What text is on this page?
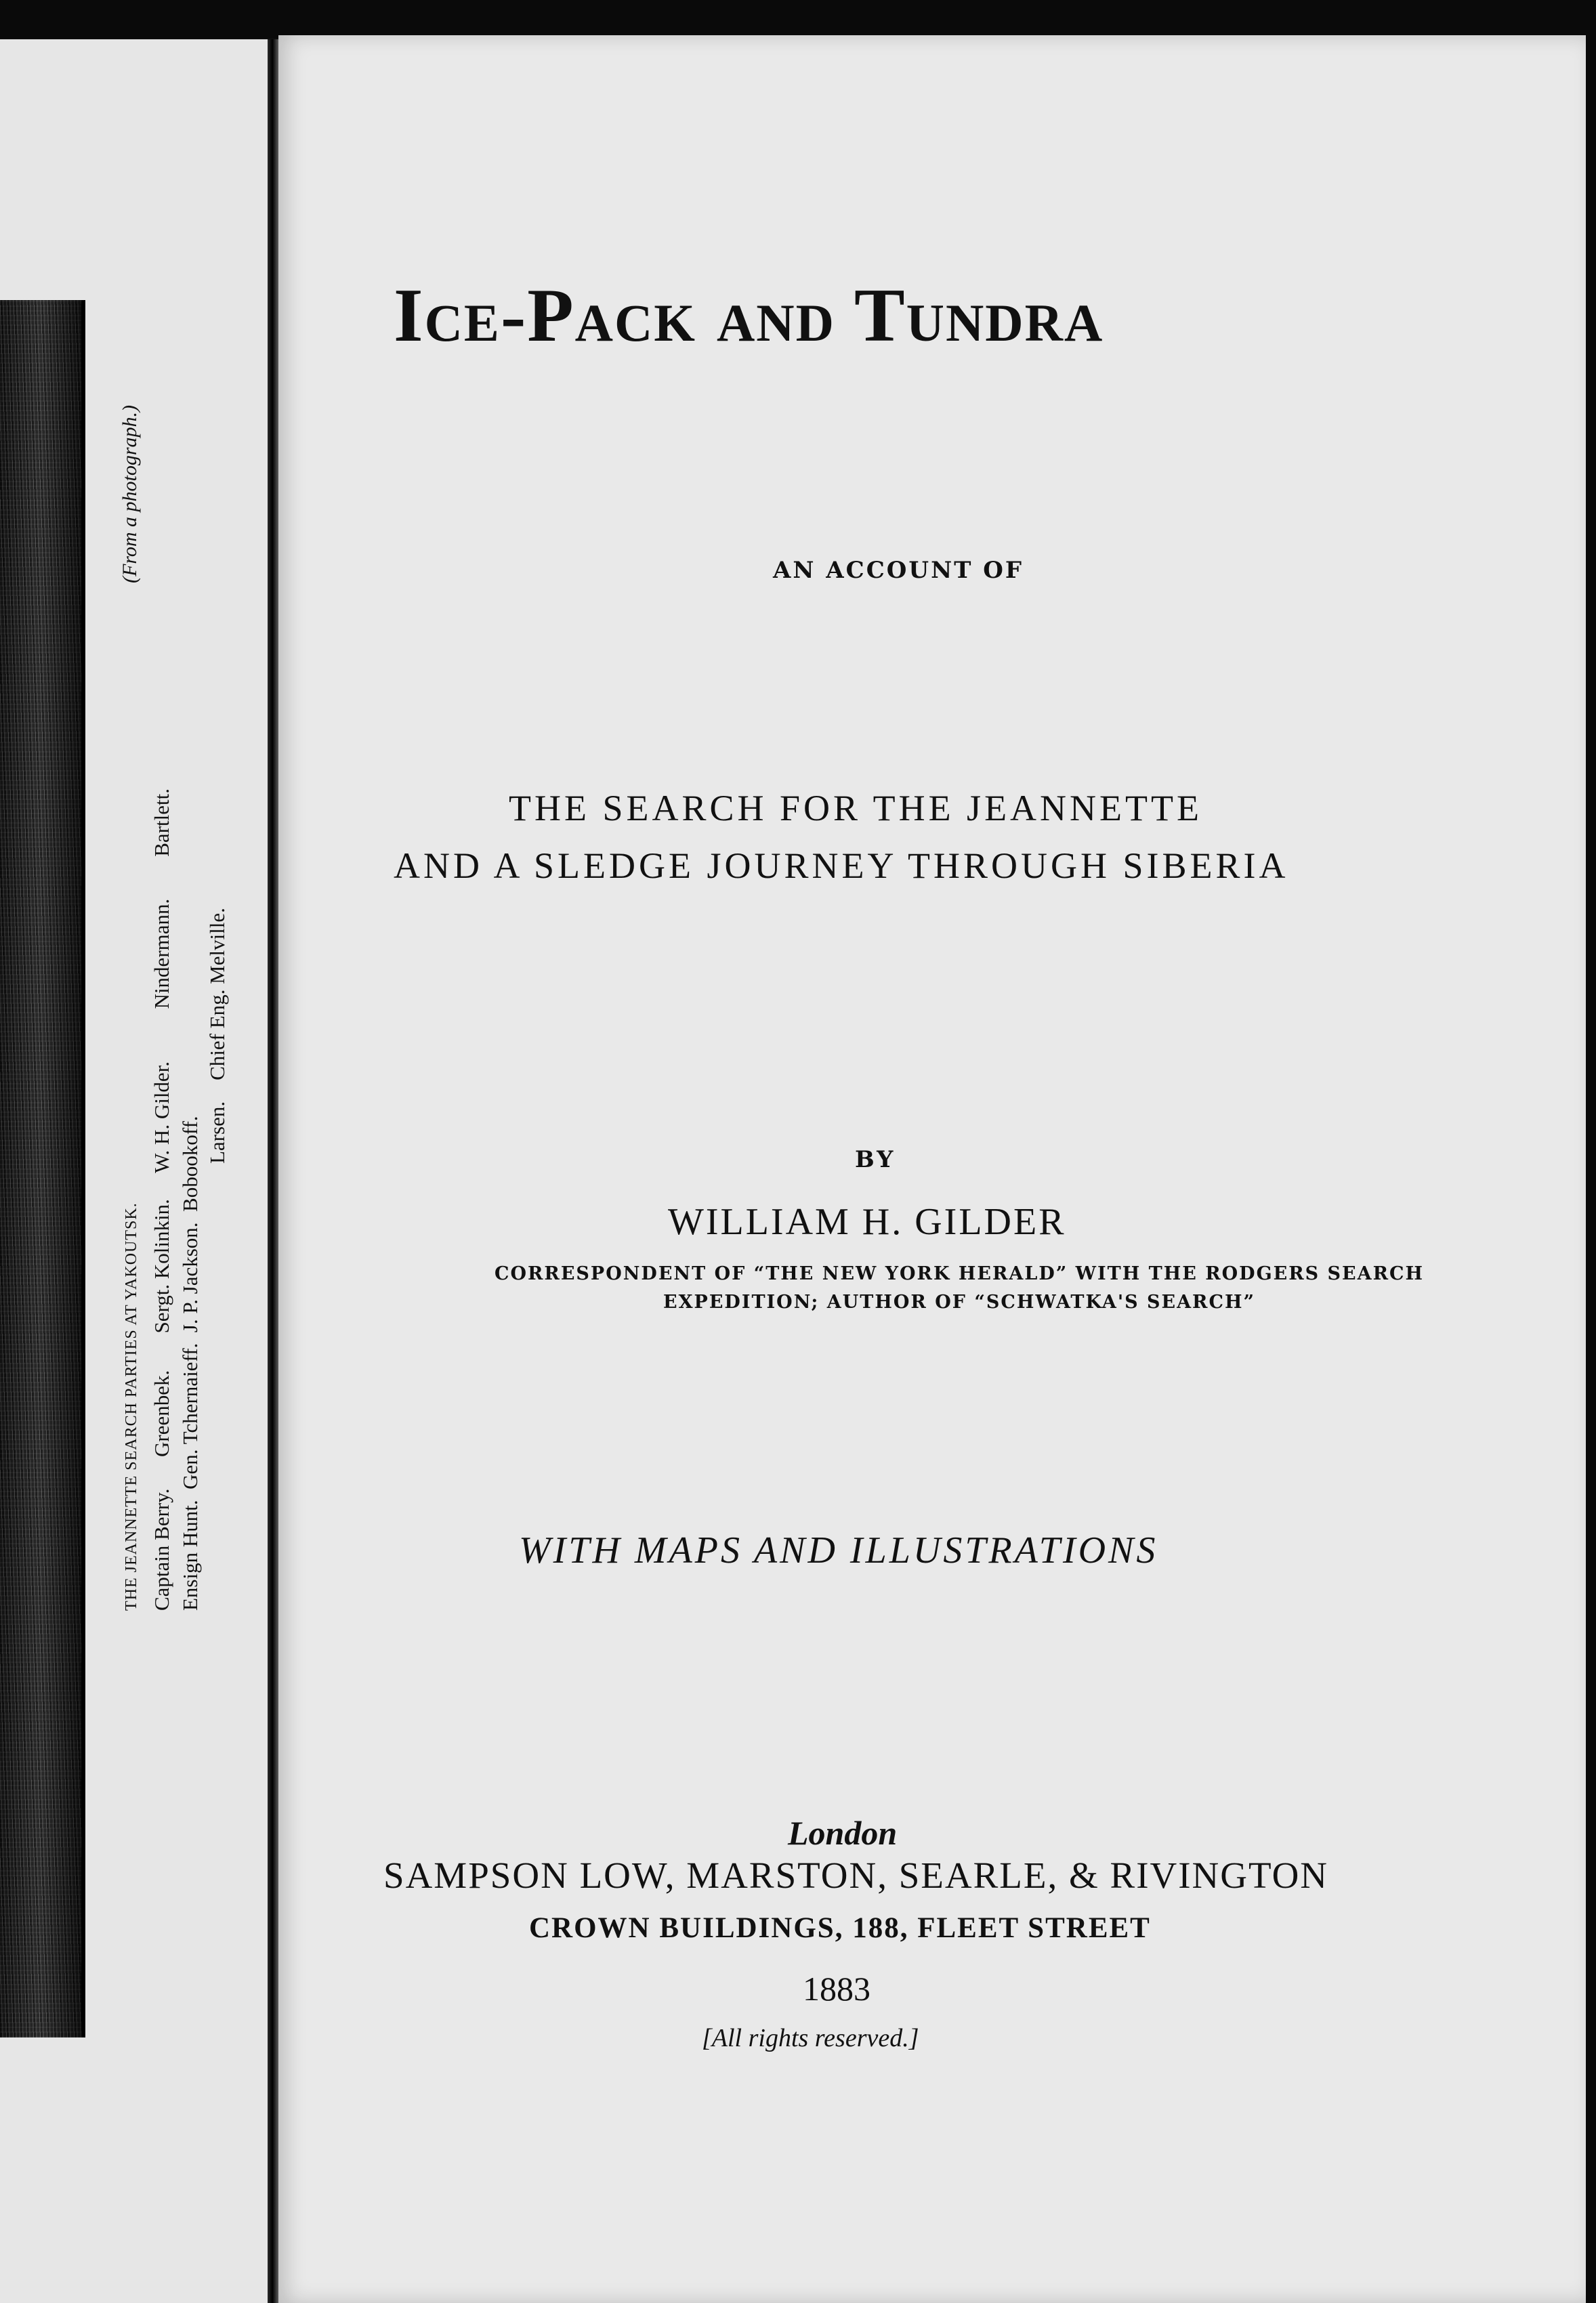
(From a photograph.)
THE JEANNETTE SEARCH PARTIES AT YAKOUTSK. Captain Berry.      Greenbek.       Sergt. Kolinkin.     W. H. Gilder.          Nindermann.        Bartlett. Ensign Hunt.  Gen. Tchernaieff.  J. P. Jackson.  Bobookoff.
Larsen.    Chief Eng. Melville.
Ice-Pack and Tundra
AN ACCOUNT OF
THE SEARCH FOR THE JEANNETTE
AND A SLEDGE JOURNEY THROUGH SIBERIA
BY
WILLIAM H. GILDER
CORRESPONDENT OF “THE NEW YORK HERALD” WITH THE RODGERS SEARCH EXPEDITION; AUTHOR OF “SCHWATKA'S SEARCH”
WITH MAPS AND ILLUSTRATIONS
London
SAMPSON LOW, MARSTON, SEARLE, & RIVINGTON
CROWN BUILDINGS, 188, FLEET STREET
1883
[All rights reserved.]
